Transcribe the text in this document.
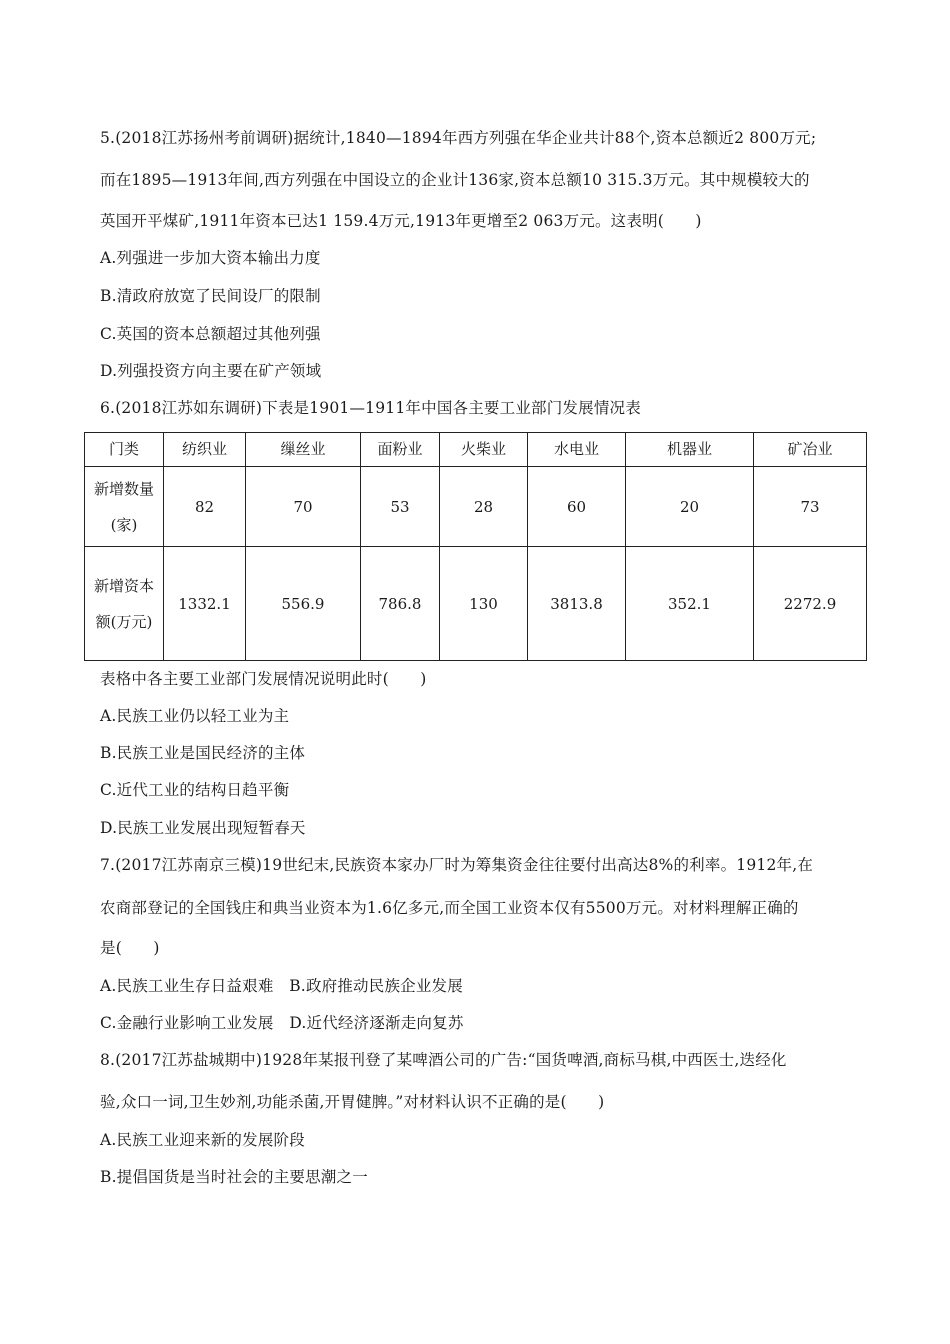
5.(2018江苏扬州考前调研)据统计,1840—1894年西方列强在华企业共计88个,资本总额近2 800万元;
而在1895—1913年间,西方列强在中国设立的企业计136家,资本总额10 315.3万元。其中规模较大的
英国开平煤矿,1911年资本已达1 159.4万元,1913年更增至2 063万元。这表明(　　)
A.列强进一步加大资本输出力度
B.清政府放宽了民间设厂的限制
C.英国的资本总额超过其他列强
D.列强投资方向主要在矿产领域
6.(2018江苏如东调研)下表是1901—1911年中国各主要工业部门发展情况表
门类	纺织业	缫丝业	面粉业	火柴业	水电业	机器业	矿冶业
新增数量(家)	82	70	53	28	60	20	73
新增资本额(万元)	1332.1	556.9	786.8	130	3813.8	352.1	2272.9
表格中各主要工业部门发展情况说明此时(　　)
A.民族工业仍以轻工业为主
B.民族工业是国民经济的主体
C.近代工业的结构日趋平衡
D.民族工业发展出现短暂春天
7.(2017江苏南京三模)19世纪末,民族资本家办厂时为筹集资金往往要付出高达8%的利率。1912年,在
农商部登记的全国钱庄和典当业资本为1.6亿多元,而全国工业资本仅有5500万元。对材料理解正确的
是(　　)
A.民族工业生存日益艰难　B.政府推动民族企业发展
C.金融行业影响工业发展　D.近代经济逐渐走向复苏
8.(2017江苏盐城期中)1928年某报刊登了某啤酒公司的广告:“国货啤酒,商标马棋,中西医士,迭经化
验,众口一词,卫生妙剂,功能杀菌,开胃健脾。”对材料认识不正确的是(　　)
A.民族工业迎来新的发展阶段
B.提倡国货是当时社会的主要思潮之一
